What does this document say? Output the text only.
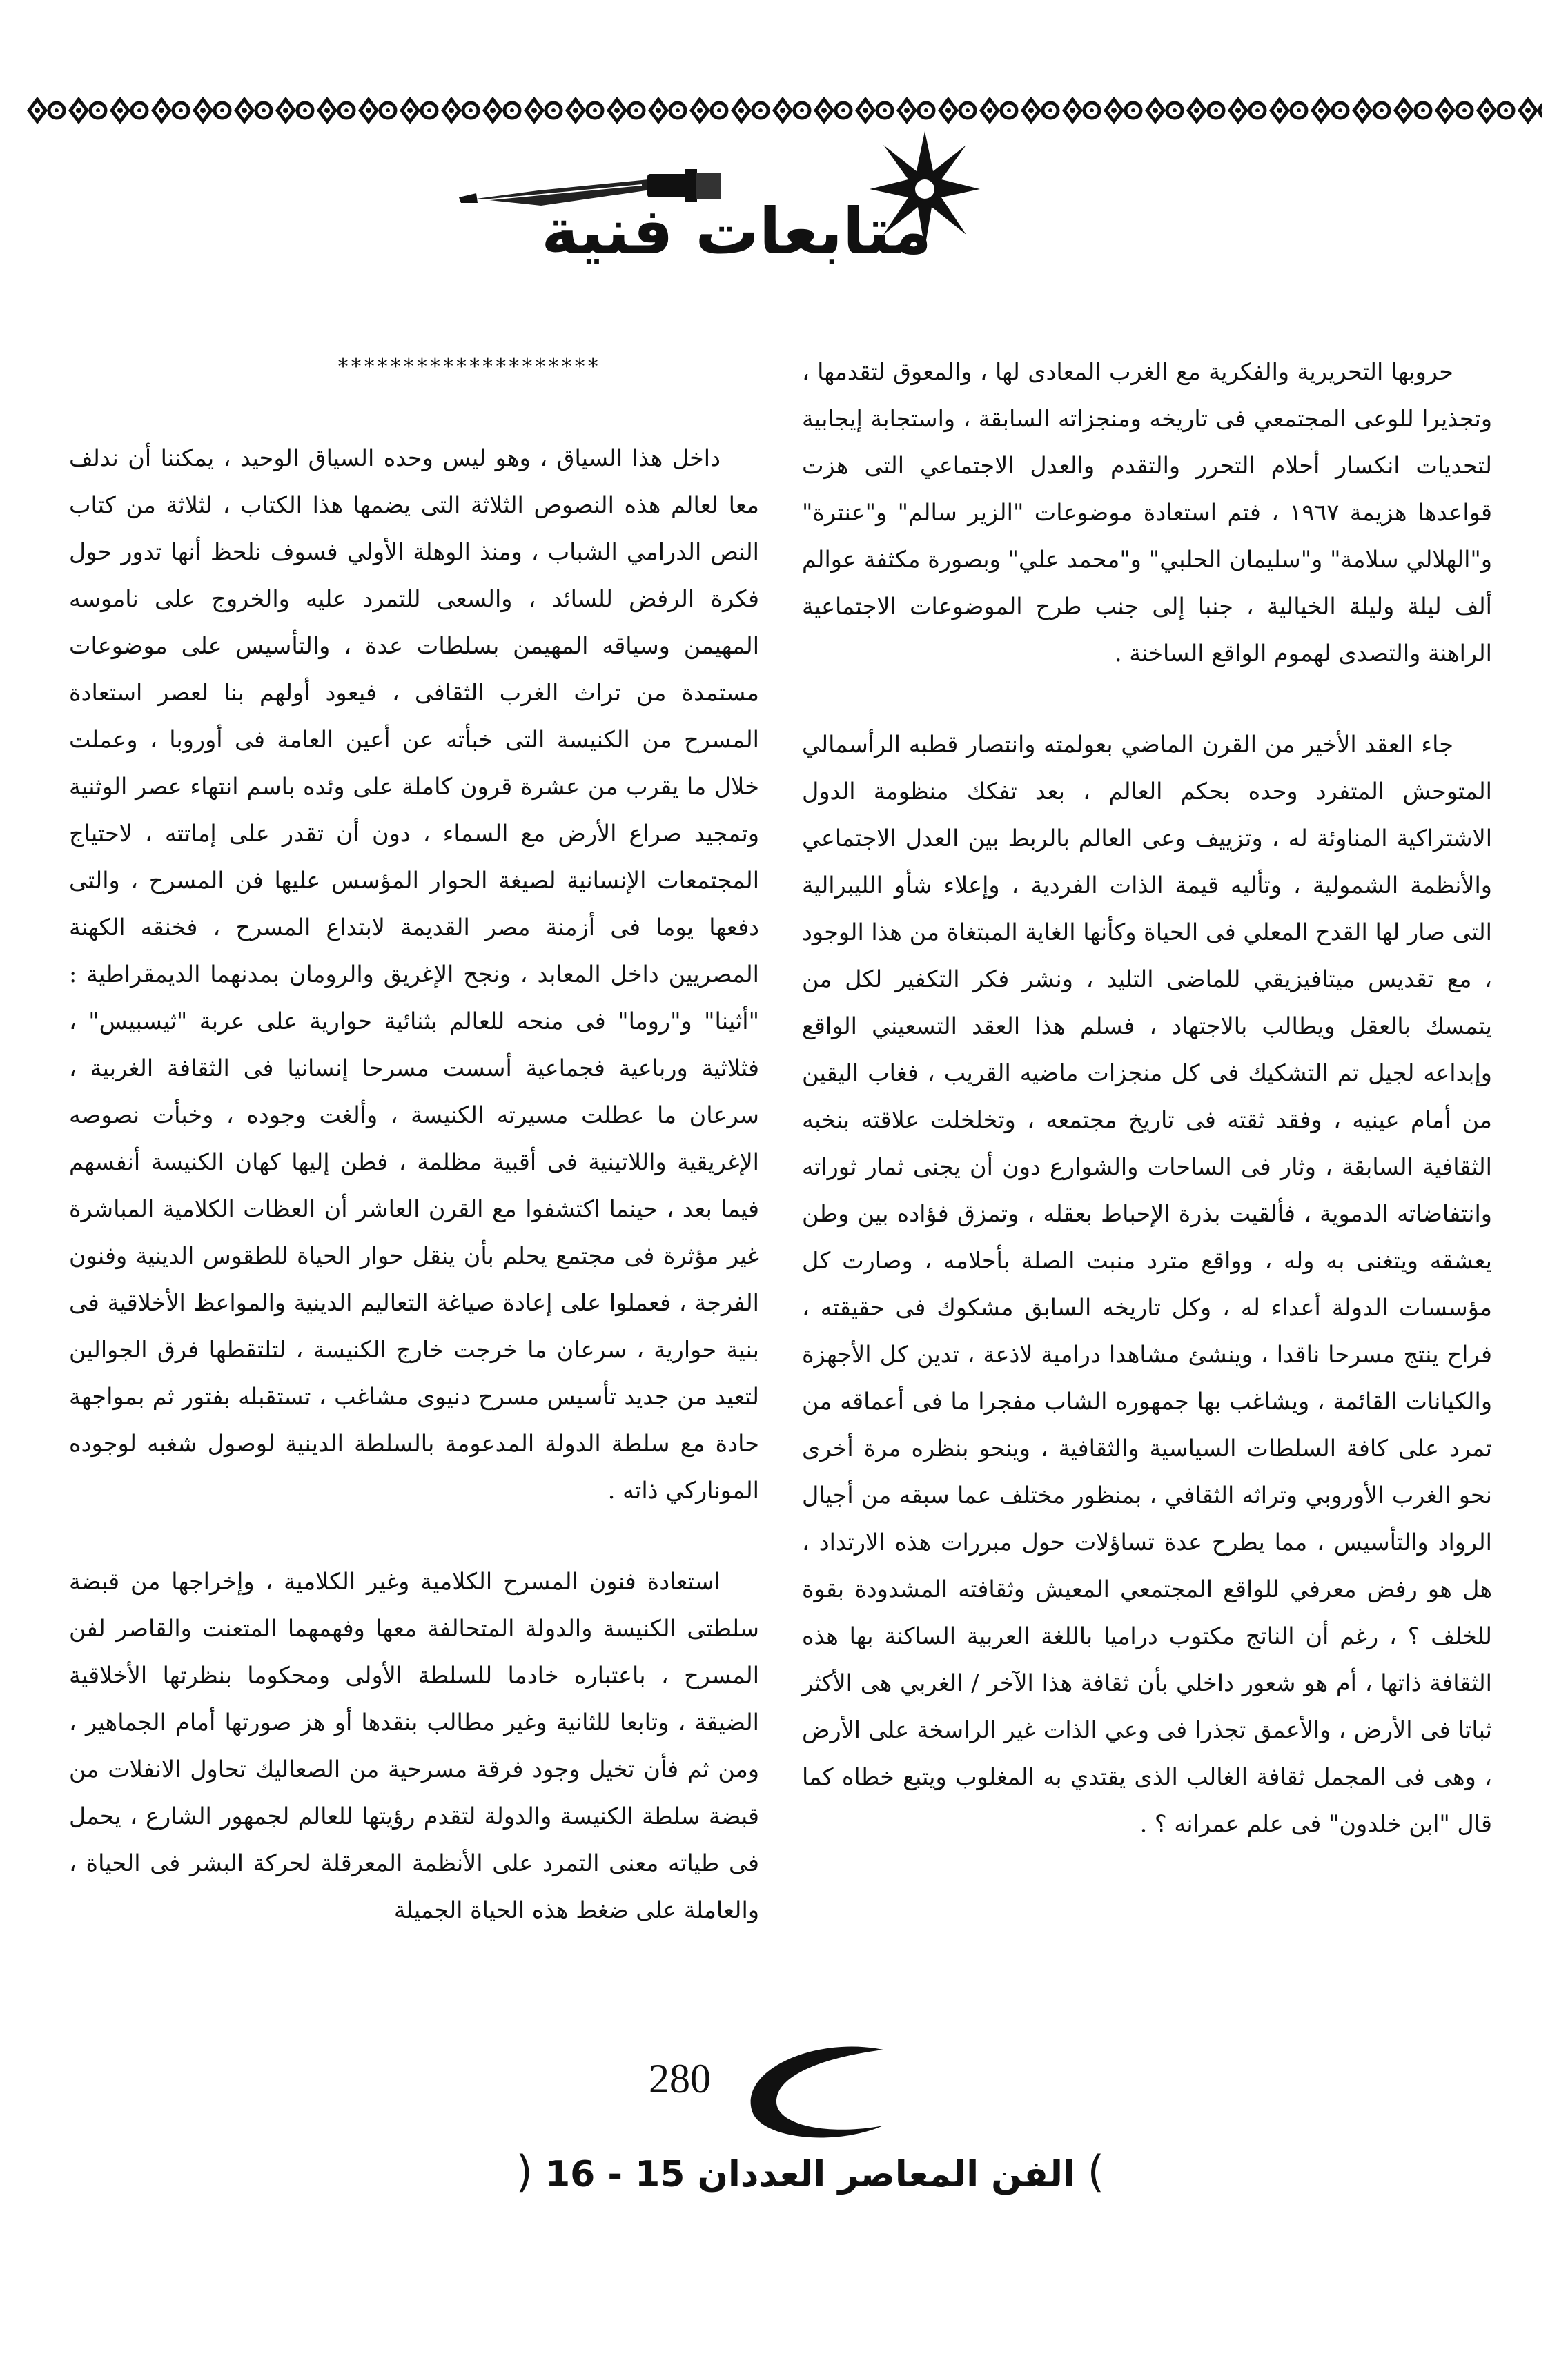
متابعات فنية

حروبها التحريرية والفكرية مع الغرب المعادى لها ، والمعوق لتقدمها ، وتجذيرا للوعى المجتمعي فى تاريخه ومنجزاته السابقة ، واستجابة إيجابية لتحديات انكسار أحلام التحرر والتقدم والعدل الاجتماعي التى هزت قواعدها هزيمة ١٩٦٧ ، فتم استعادة موضوعات "الزير سالم" و"عنترة" و"الهلالي سلامة" و"سليمان الحلبي" و"محمد علي" وبصورة مكثفة عوالم ألف ليلة وليلة الخيالية ، جنبا إلى جنب طرح الموضوعات الاجتماعية الراهنة والتصدى لهموم الواقع الساخنة .

جاء العقد الأخير من القرن الماضي بعولمته وانتصار قطبه الرأسمالي المتوحش المتفرد وحده بحكم العالم ، بعد تفكك منظومة الدول الاشتراكية المناوئة له ، وتزييف وعى العالم بالربط بين العدل الاجتماعي والأنظمة الشمولية ، وتأليه قيمة الذات الفردية ، وإعلاء شأو الليبرالية التى صار لها القدح المعلي فى الحياة وكأنها الغاية المبتغاة من هذا الوجود ، مع تقديس ميتافيزيقي للماضى التليد ، ونشر فكر التكفير لكل من يتمسك بالعقل ويطالب بالاجتهاد ، فسلم هذا العقد التسعيني الواقع وإبداعه لجيل تم التشكيك فى كل منجزات ماضيه القريب ، فغاب اليقين من أمام عينيه ، وفقد ثقته فى تاريخ مجتمعه ، وتخلخلت علاقته بنخبه الثقافية السابقة ، وثار فى الساحات والشوارع دون أن يجنى ثمار ثوراته وانتفاضاته الدموية ، فألقيت بذرة الإحباط بعقله ، وتمزق فؤاده بين وطن يعشقه ويتغنى به وله ، وواقع مترد منبت الصلة بأحلامه ، وصارت كل مؤسسات الدولة أعداء له ، وكل تاريخه السابق مشكوك فى حقيقته ، فراح ينتج مسرحا ناقدا ، وينشئ مشاهدا درامية لاذعة ، تدين كل الأجهزة والكيانات القائمة ، ويشاغب بها جمهوره الشاب مفجرا ما فى أعماقه من تمرد على كافة السلطات السياسية والثقافية ، وينحو بنظره مرة أخرى نحو الغرب الأوروبي وتراثه الثقافي ، بمنظور مختلف عما سبقه من أجيال الرواد والتأسيس ، مما يطرح عدة تساؤلات حول مبررات هذه الارتداد ، هل هو رفض معرفي للواقع المجتمعي المعيش وثقافته المشدودة بقوة للخلف ؟ ، رغم أن الناتج مكتوب دراميا باللغة العربية الساكنة بها هذه الثقافة ذاتها ، أم هو شعور داخلي بأن ثقافة هذا الآخر / الغربي هى الأكثر ثباتا فى الأرض ، والأعمق تجذرا فى وعي الذات غير الراسخة على الأرض ، وهى فى المجمل ثقافة الغالب الذى يقتدي به المغلوب ويتبع خطاه كما قال "ابن خلدون" فى علم عمرانه ؟ .

********************

داخل هذا السياق ، وهو ليس وحده السياق الوحيد ، يمكننا أن ندلف معا لعالم هذه النصوص الثلاثة التى يضمها هذا الكتاب ، لثلاثة من كتاب النص الدرامي الشباب ، ومنذ الوهلة الأولي فسوف نلحظ أنها تدور حول فكرة الرفض للسائد ، والسعى للتمرد عليه والخروج على ناموسه المهيمن وسياقه المهيمن بسلطات عدة ، والتأسيس على موضوعات مستمدة من تراث الغرب الثقافى ، فيعود أولهم بنا لعصر استعادة المسرح من الكنيسة التى خبأته عن أعين العامة فى أوروبا ، وعملت خلال ما يقرب من عشرة قرون كاملة على وئده باسم انتهاء عصر الوثنية وتمجيد صراع الأرض مع السماء ، دون أن تقدر على إماتته ، لاحتياج المجتمعات الإنسانية لصيغة الحوار المؤسس عليها فن المسرح ، والتى دفعها يوما فى أزمنة مصر القديمة لابتداع المسرح ، فخنقه الكهنة المصريين داخل المعابد ، ونجح الإغريق والرومان بمدنهما الديمقراطية : "أثينا" و"روما" فى منحه للعالم بثنائية حوارية على عربة "ثيسبيس" ، فثلاثية ورباعية فجماعية أسست مسرحا إنسانيا فى الثقافة الغربية ، سرعان ما عطلت مسيرته الكنيسة ، وألغت وجوده ، وخبأت نصوصه الإغريقية واللاتينية فى أقبية مظلمة ، فطن إليها كهان الكنيسة أنفسهم فيما بعد ، حينما اكتشفوا مع القرن العاشر أن العظات الكلامية المباشرة غير مؤثرة فى مجتمع يحلم بأن ينقل حوار الحياة للطقوس الدينية وفنون الفرجة ، فعملوا على إعادة صياغة التعاليم الدينية والمواعظ الأخلاقية فى بنية حوارية ، سرعان ما خرجت خارج الكنيسة ، لتلتقطها فرق الجوالين لتعيد من جديد تأسيس مسرح دنيوى مشاغب ، تستقبله بفتور ثم بمواجهة حادة مع سلطة الدولة المدعومة بالسلطة الدينية لوصول شغبه لوجوده المونارکي ذاته .

استعادة فنون المسرح الكلامية وغير الكلامية ، وإخراجها من قبضة سلطتى الكنيسة والدولة المتحالفة معها وفهمهما المتعنت والقاصر لفن المسرح ، باعتباره خادما للسلطة الأولى ومحكوما بنظرتها الأخلاقية الضيقة ، وتابعا للثانية وغير مطالب بنقدها أو هز صورتها أمام الجماهير ، ومن ثم فأن تخيل وجود فرقة مسرحية من الصعاليك تحاول الانفلات من قبضة سلطة الكنيسة والدولة لتقدم رؤيتها للعالم لجمهور الشارع ، يحمل فى طياته معنى التمرد على الأنظمة المعرقلة لحركة البشر فى الحياة ، والعاملة على ضغط هذه الحياة الجميلة

280
) الفن المعاصر العددان 15 - 16 (
